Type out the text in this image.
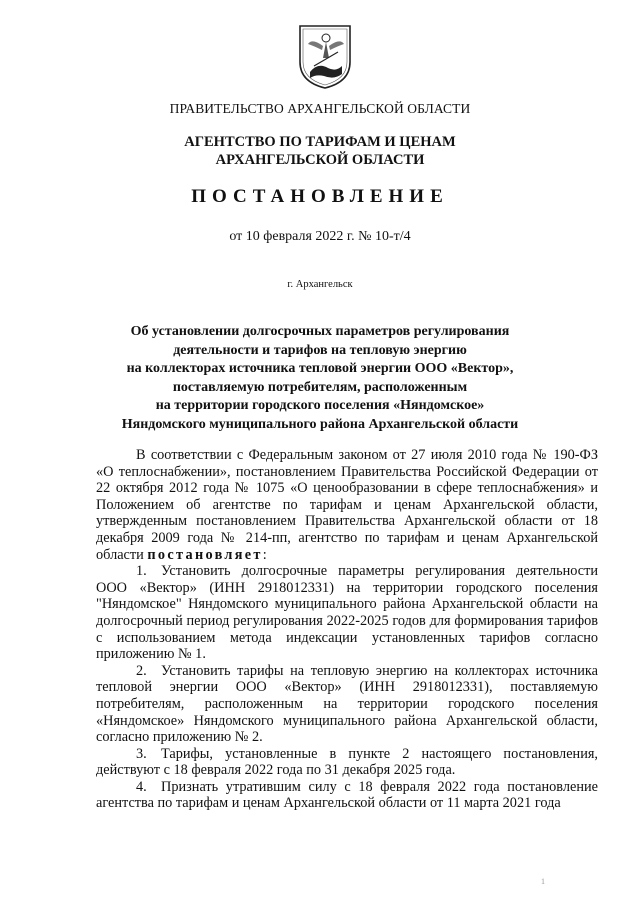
ПРАВИТЕЛЬСТВО АРХАНГЕЛЬСКОЙ ОБЛАСТИ
АГЕНТСТВО ПО ТАРИФАМ И ЦЕНАМ
АРХАНГЕЛЬСКОЙ ОБЛАСТИ
ПОСТАНОВЛЕНИЕ
от 10 февраля 2022 г. № 10-т/4
г. Архангельск
Об установлении долгосрочных параметров регулирования
деятельности и тарифов на тепловую энергию
на коллекторах источника тепловой энергии ООО «Вектор»,
поставляемую потребителям, расположенным
на территории городского поселения «Няндомское»
Няндомского муниципального района Архангельской области

В соответствии с Федеральным законом от 27 июля 2010 года № 190-ФЗ «О теплоснабжении», постановлением Правительства Российской Федерации от 22 октября 2012 года № 1075 «О ценообразовании в сфере теплоснабжения» и Положением об агентстве по тарифам и ценам Архангельской области, утвержденным постановлением Правительства Архангельской области от 18 декабря 2009 года № 214-пп, агентство по тарифам и ценам Архангельской области постановляет:

1. Установить долгосрочные параметры регулирования деятельности ООО «Вектор» (ИНН 2918012331) на территории городского поселения "Няндомское" Няндомского муниципального района Архангельской области на долгосрочный период регулирования 2022-2025 годов для формирования тарифов с использованием метода индексации установленных тарифов согласно приложению № 1.

2. Установить тарифы на тепловую энергию на коллекторах источника тепловой энергии ООО «Вектор» (ИНН 2918012331), поставляемую потребителям, расположенным на территории городского поселения «Няндомское» Няндомского муниципального района Архангельской области, согласно приложению № 2.

3. Тарифы, установленные в пункте 2 настоящего постановления, действуют с 18 февраля 2022 года по 31 декабря 2025 года.

4. Признать утратившим силу с 18 февраля 2022 года постановление агентства по тарифам и ценам Архангельской области от 11 марта 2021 года

1
